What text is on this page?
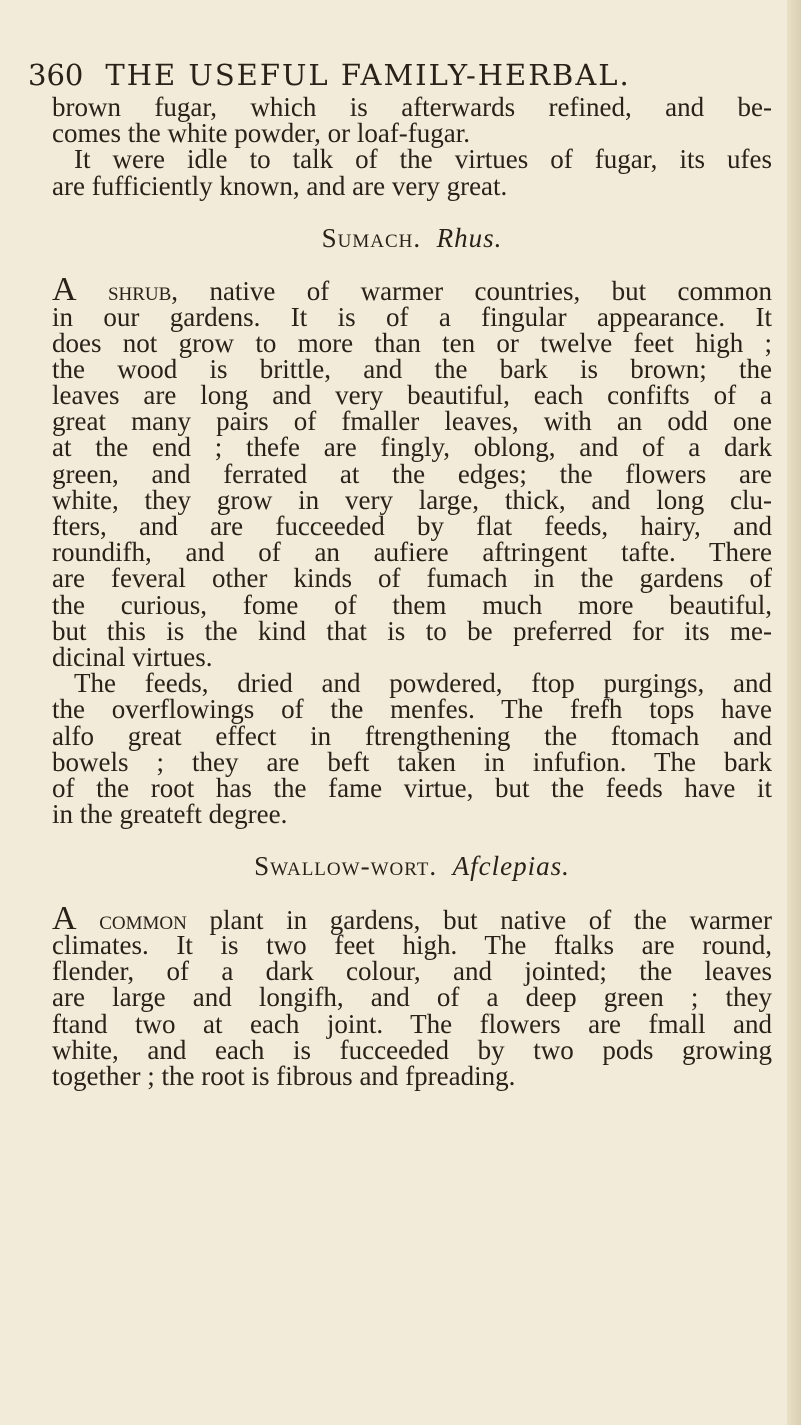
360 THE USEFUL FAMILY-HERBAL.
brown fugar, which is afterwards refined, and be-
comes the white powder, or loaf-fugar.
It were idle to talk of the virtues of fugar, its ufes
are fufficiently known, and are very great.
Sumach. Rhus.
A shrub, native of warmer countries, but common
in our gardens. It is of a fingular appearance. It
does not grow to more than ten or twelve feet high ;
the wood is brittle, and the bark is brown; the
leaves are long and very beautiful, each confifts of a
great many pairs of fmaller leaves, with an odd one
at the end ; thefe are fingly, oblong, and of a dark
green, and ferrated at the edges; the flowers are
white, they grow in very large, thick, and long clu-
fters, and are fucceeded by flat feeds, hairy, and
roundifh, and of an aufiere aftringent tafte. There
are feveral other kinds of fumach in the gardens of
the curious, fome of them much more beautiful,
but this is the kind that is to be preferred for its me-
dicinal virtues.
The feeds, dried and powdered, ftop purgings, and
the overflowings of the menfes. The frefh tops have
alfo great effect in ftrengthening the ftomach and
bowels ; they are beft taken in infufion. The bark
of the root has the fame virtue, but the feeds have it
in the greateft degree.
Swallow-wort. Afclepias.
A common plant in gardens, but native of the warmer
climates. It is two feet high. The ftalks are round,
flender, of a dark colour, and jointed; the leaves
are large and longifh, and of a deep green ; they
ftand two at each joint. The flowers are fmall and
white, and each is fucceeded by two pods growing
together ; the root is fibrous and fpreading.
